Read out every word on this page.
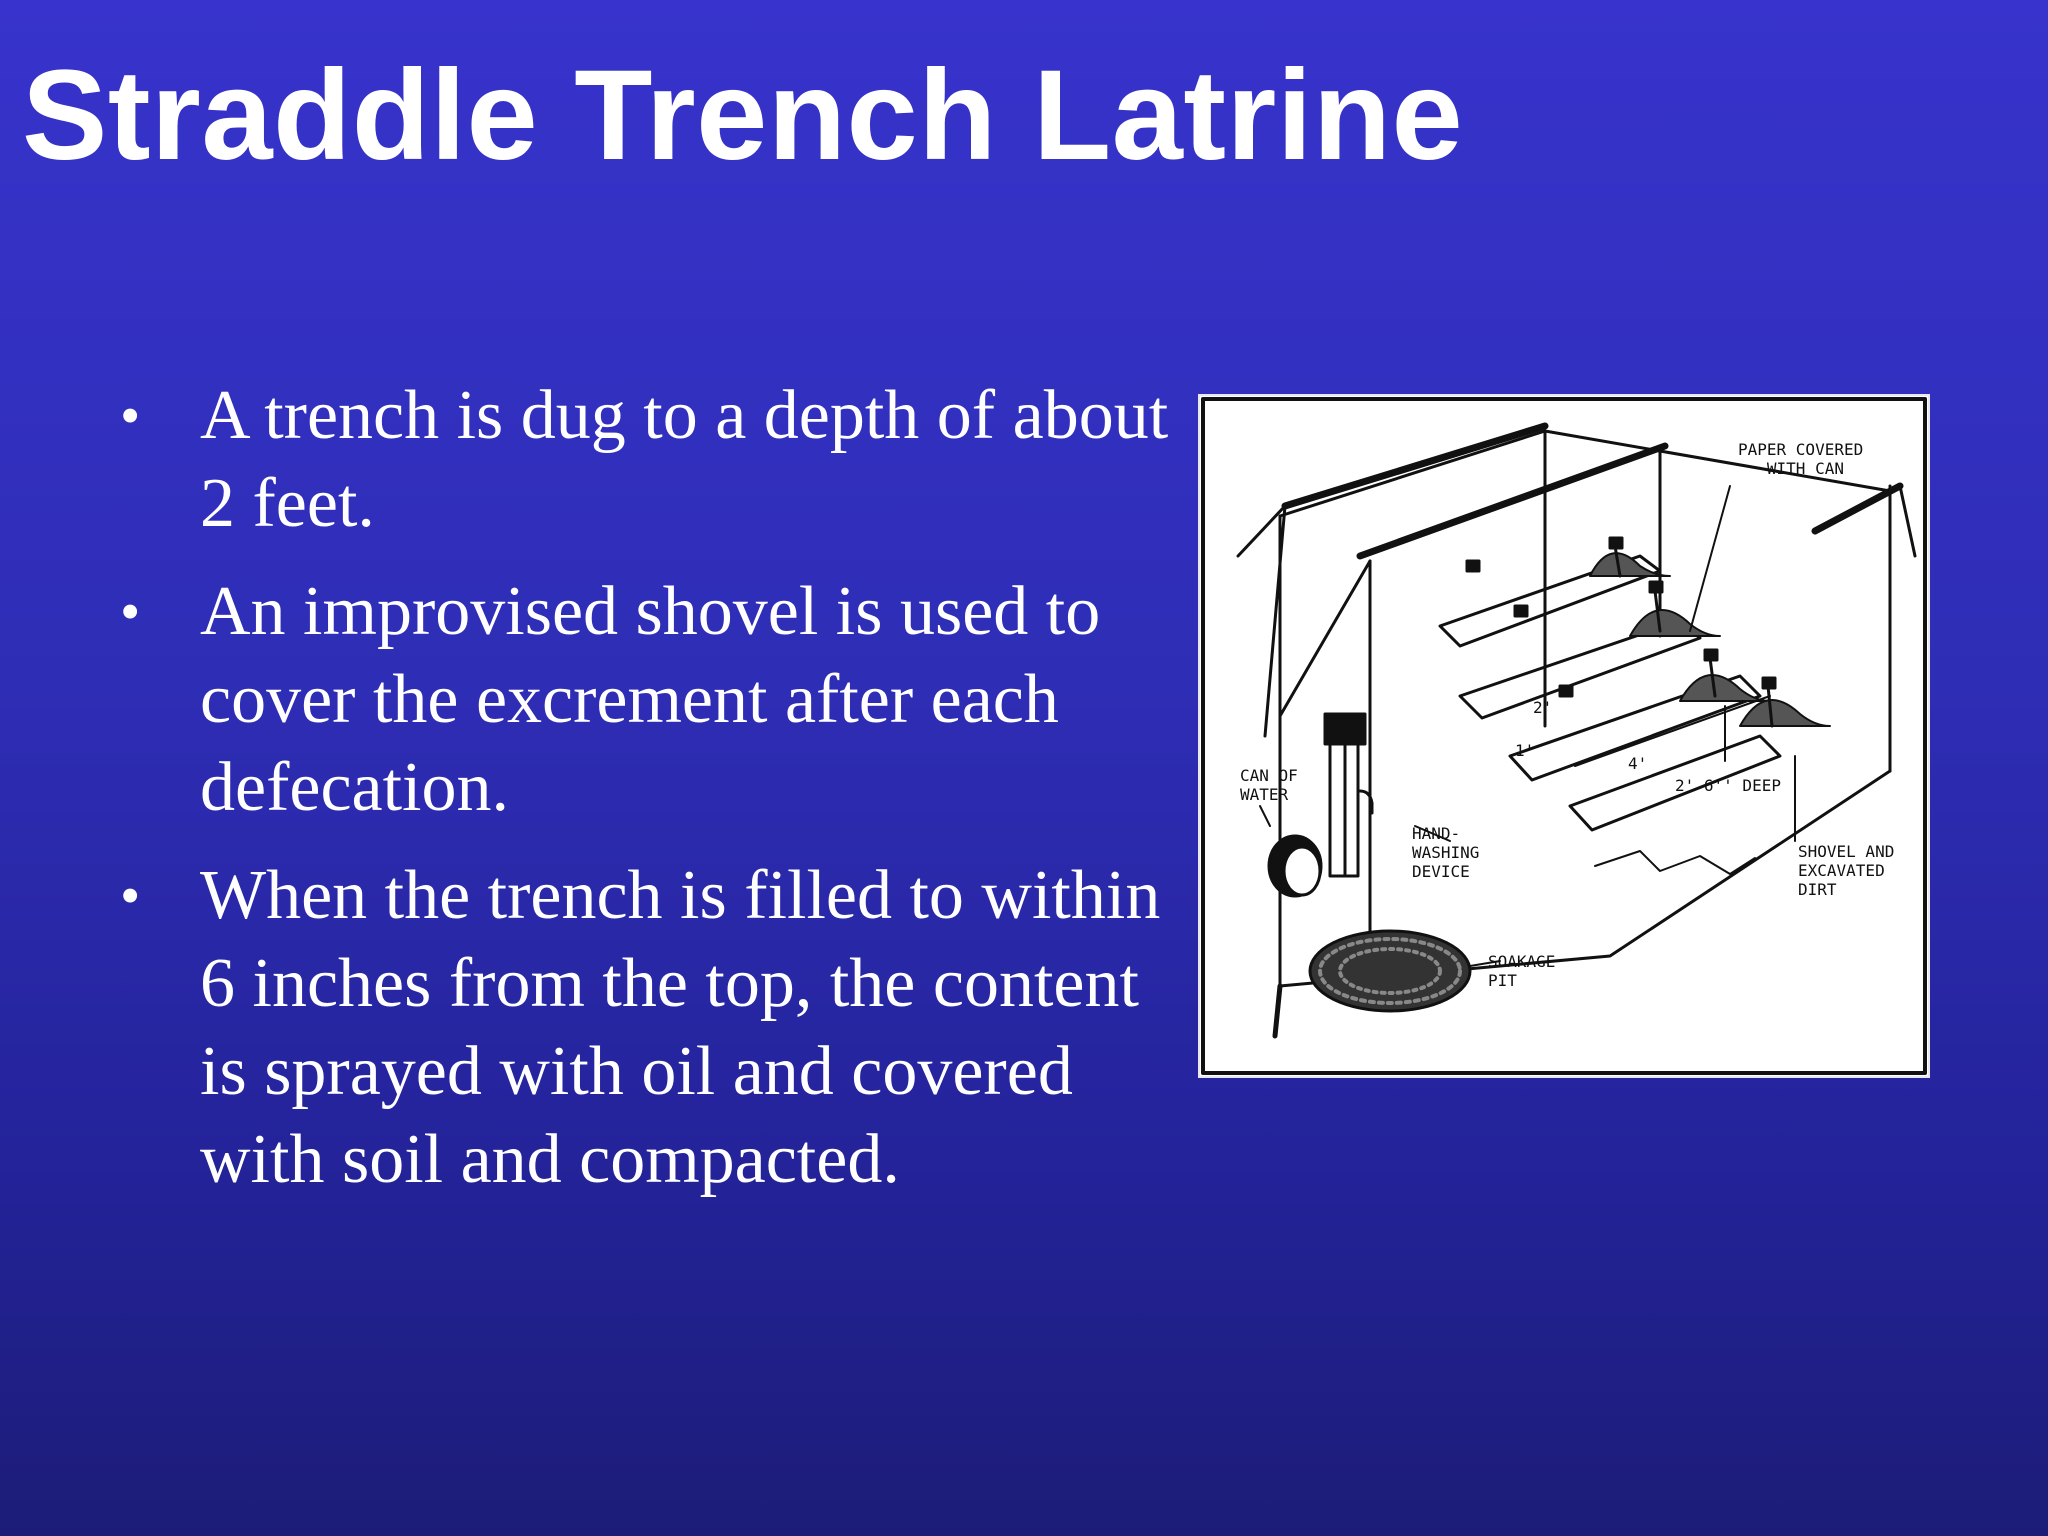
Straddle Trench Latrine
• A trench is dug to a depth of about 2 feet.
• An improvised shovel is used to cover the excrement after each defecation.
• When the trench is filled to within 6 inches from the top, the content is sprayed with oil and covered with soil and compacted.
PAPER COVERED
WITH CAN
CAN OF
WATER
HAND-
WASHING
DEVICE
SOAKAGE
PIT
SHOVEL AND
EXCAVATED
DIRT
2' 6'' DEEP
2'
1'
4'
